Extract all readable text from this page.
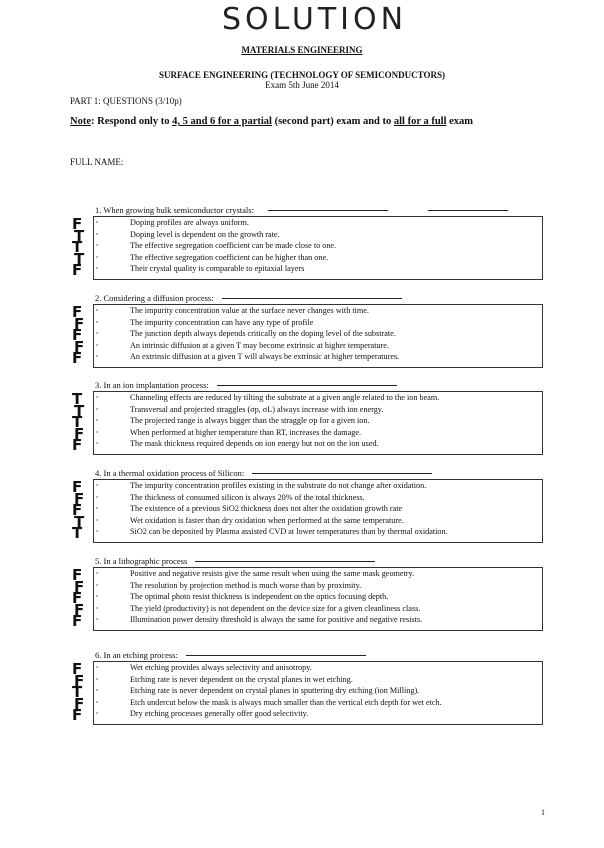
SOLUTION
MATERIALS ENGINEERING
SURFACE ENGINEERING (TECHNOLOGY OF SEMICONDUCTORS)
Exam 5th June 2014
PART 1: QUESTIONS (3/10p)
Note: Respond only to 4, 5 and 6 for a partial (second part) exam and to all for a full exam
FULL NAME:
1. When growing bulk semiconductor crystals:
▫	Doping profiles are always uniform.
F
▫	Doping level is dependent on the growth rate.
T
▫	The effective segregation coefficient can be made close to one.
T
▫	The effective segregation coefficient can be higher than one.
T
▫	Their crystal quality is comparable to epitaxial layers
F
2. Considering a diffusion process:
▫	The impurity concentration value at the surface never changes with time.
F
▫	The impurity concentration can have any type of profile
F
▫	The junction depth always depends critically on the doping level of the substrate.
F
▫	An intrinsic diffusion at a given T may become extrinsic at higher temperature.
F
▫	An extrinsic diffusion at a given T will always be extrinsic at higher temperatures.
F
3. In an ion implantation process:
▫	Channeling effects are reduced by tilting the substrate at a given angle related to the ion beam.
T
▫	Transversal and projected straggles (σp, σL) always increase with ion energy.
T
▫	The projected range is always bigger than the straggle σp for a given ion.
T
▫	When performed at higher temperature than RT, increases the damage.
F
▫	The mask thickness required depends on ion energy but not on the ion used.
F
4. In a thermal oxidation process of Silicon:
▫	The impurity concentration profiles existing in the substrate do not change after oxidation.
F
▫	The thickness of consumed silicon is always 20% of the total thickness.
F
▫	The existence of a previous SiO2 thickness does not alter the oxidation growth rate
F
▫	Wet oxidation is faster than dry oxidation when performed at the same temperature.
T
▫	SiO2 can be deposited by Plasma assisted CVD at lower temperatures than by thermal oxidation.
T
5. In a lithographic process
▫	Positive and negative resists give the same result when using the same mask geometry.
F
▫	The resolution by projection method is much worse than by proximity.
F
▫	The optimal photo resist thickness is independent on the optics focusing depth.
F
▫	The yield (productivity) is not dependent on the device size for a given cleanliness class.
F
▫	Illumination power density threshold is always the same for positive and negative resists.
F
6. In an etching process:
▫	Wet etching provides always selectivity and anisotropy.
F
▫	Etching rate is never dependent on the crystal planes in wet etching.
F
▫	Etching rate is never dependent on crystal planes in sputtering dry etching (ion Milling).
T
▫	Etch undercut below the mask is always much smaller than the vertical etch depth for wet etch.
F
▫	Dry etching processes generally offer good selectivity.
F
1
